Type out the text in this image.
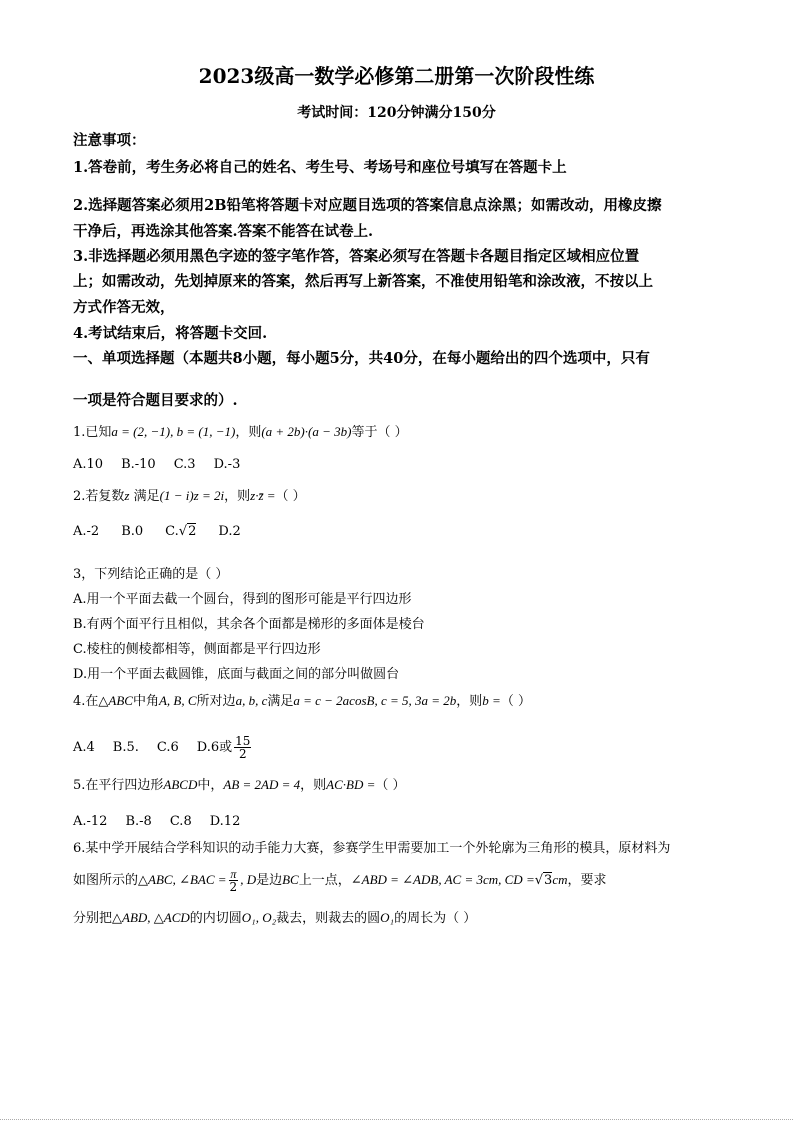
2023级高一数学必修第二册第一次阶段性练
考试时间：120分钟满分150分
注意事项：
1.答卷前，考生务必将自己的姓名、考生号、考场号和座位号填写在答题卡上
2.选择题答案必须用2B铅笔将答题卡对应题目选项的答案信息点涂黑；如需改动，用橡皮擦
干净后，再选涂其他答案.答案不能答在试卷上.
3.非选择题必须用黑色字迹的签字笔作答，答案必须写在答题卡各题目指定区域相应位置
上；如需改动，先划掉原来的答案，然后再写上新答案，不准使用铅笔和涂改液，不按以上
方式作答无效，
4.考试结束后，将答题卡交回.
一、单项选择题（本题共8小题，每小题5分，共40分，在每小题给出的四个选项中，只有
一项是符合题目要求的）.
1.已知a = (2, −1), b = (1, −1)，则(a + 2b)·(a − 3b)等于（ ）
A.10 B.-10 C.3 D.-3
2.若复数z 满足(1 − i)z = 2i，则z·z̄ =（ ）
A.-2 B.0 C.√2 D.2
3，下列结论正确的是（ ）
A.用一个平面去截一个圆台，得到的图形可能是平行四边形
B.有两个面平行且相似，其余各个面都是梯形的多面体是棱台
C.棱柱的侧棱都相等，侧面都是平行四边形
D.用一个平面去截圆锥，底面与截面之间的部分叫做圆台
4.在△ABC中角A, B, C所对边a, b, c满足a = c − 2acosB, c = 5, 3a = 2b，则b =（ ）
A.4 B.5. C.6 D.6或 $\frac{15}{2}$
5.在平行四边形ABCD中，AB = 2AD = 4，则AC·BD =（ ）
A.-12 B.-8 C.8 D.12
6.某中学开展结合学科知识的动手能力大赛，参赛学生甲需要加工一个外轮廓为三角形的模具，原材料为
如图所示的△ABC, ∠BAC = $\frac{\pi}{2}$ , D是边BC上一点，∠ABD = ∠ADB, AC = 3cm, CD =√3cm，要求
分别把△ABD, △ACD的内切圆O₁, O₂裁去，则裁去的圆O₁的周长为（ ）
